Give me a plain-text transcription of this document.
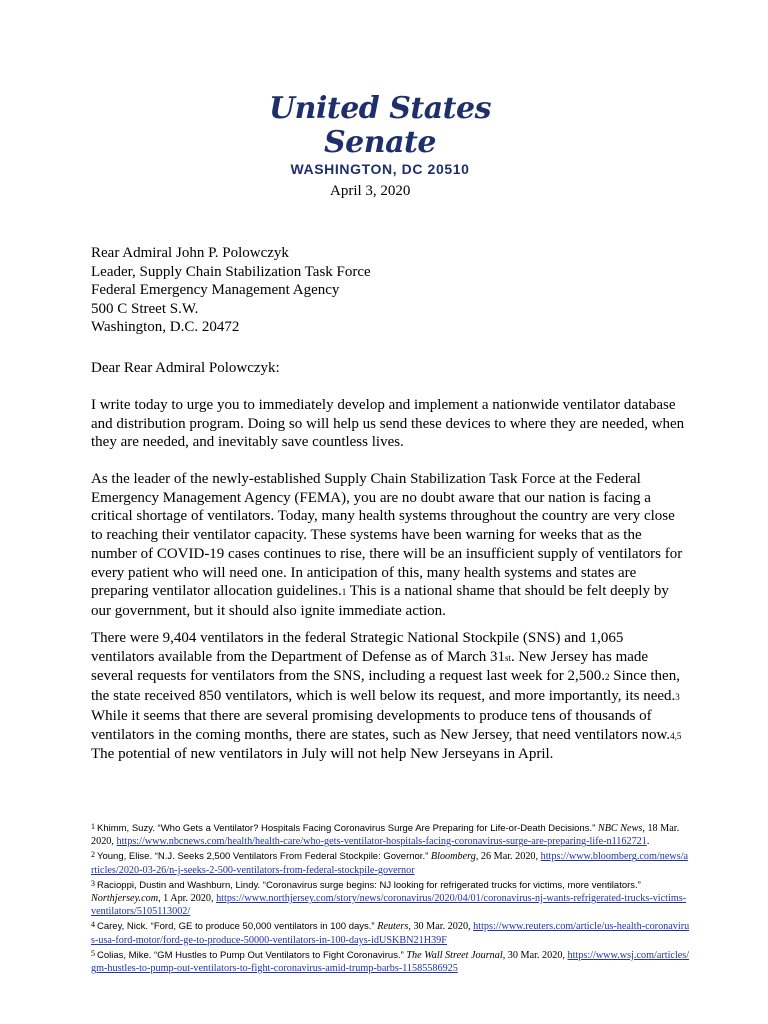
United States Senate
WASHINGTON, DC 20510
April 3, 2020
Rear Admiral John P. Polowczyk
Leader, Supply Chain Stabilization Task Force
Federal Emergency Management Agency
500 C Street S.W.
Washington, D.C. 20472
Dear Rear Admiral Polowczyk:

I write today to urge you to immediately develop and implement a nationwide ventilator database and distribution program. Doing so will help us send these devices to where they are needed, when they are needed, and inevitably save countless lives.

As the leader of the newly-established Supply Chain Stabilization Task Force at the Federal Emergency Management Agency (FEMA), you are no doubt aware that our nation is facing a critical shortage of ventilators. Today, many health systems throughout the country are very close to reaching their ventilator capacity. These systems have been warning for weeks that as the number of COVID-19 cases continues to rise, there will be an insufficient supply of ventilators for every patient who will need one. In anticipation of this, many health systems and states are preparing ventilator allocation guidelines.1 This is a national shame that should be felt deeply by our government, but it should also ignite immediate action.

There were 9,404 ventilators in the federal Strategic National Stockpile (SNS) and 1,065 ventilators available from the Department of Defense as of March 31st. New Jersey has made several requests for ventilators from the SNS, including a request last week for 2,500.2 Since then, the state received 850 ventilators, which is well below its request, and more importantly, its need.3 While it seems that there are several promising developments to produce tens of thousands of ventilators in the coming months, there are states, such as New Jersey, that need ventilators now.4,5 The potential of new ventilators in July will not help New Jerseyans in April.

1 Khimm, Suzy. “Who Gets a Ventilator? Hospitals Facing Coronavirus Surge Are Preparing for Life-or-Death Decisions.” NBC News, 18 Mar. 2020, https://www.nbcnews.com/health/health-care/who-gets-ventilator-hospitals-facing-coronavirus-surge-are-preparing-life-n1162721.

2 Young, Elise. “N.J. Seeks 2,500 Ventilators From Federal Stockpile: Governor.” Bloomberg, 26 Mar. 2020, https://www.bloomberg.com/news/articles/2020-03-26/n-j-seeks-2-500-ventilators-from-federal-stockpile-governor

3 Racioppi, Dustin and Washburn, Lindy. “Coronavirus surge begins: NJ looking for refrigerated trucks for victims, more ventilators.” Northjersey.com, 1 Apr. 2020, https://www.northjersey.com/story/news/coronavirus/2020/04/01/coronavirus-nj-wants-refrigerated-trucks-victims-ventilators/5105113002/

4 Carey, Nick. “Ford, GE to produce 50,000 ventilators in 100 days.” Reuters, 30 Mar. 2020, https://www.reuters.com/article/us-health-coronavirus-usa-ford-motor/ford-ge-to-produce-50000-ventilators-in-100-days-idUSKBN21H39F

5 Colias, Mike. “GM Hustles to Pump Out Ventilators to Fight Coronavirus.” The Wall Street Journal, 30 Mar. 2020, https://www.wsj.com/articles/gm-hustles-to-pump-out-ventilators-to-fight-coronavirus-amid-trump-barbs-11585586925
